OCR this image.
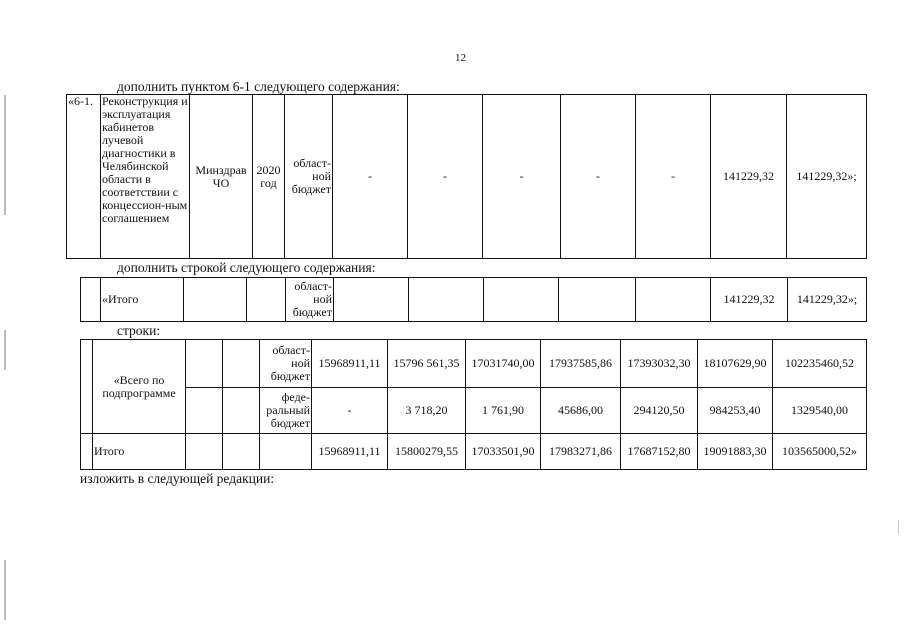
12
дополнить пунктом 6-1 следующего содержания:
«6-1.	Реконструкция и эксплуатация кабинетов лучевой диагностики в Челябинской области в соответствии с концессион-ным соглашением	Минздрав ЧО	2020 год	област-ной бюджет	-	-	-	-	-	141229,32	141229,32»;
дополнить строкой следующего содержания:
	«Итого			област-ной бюджет						141229,32	141229,32»;
строки:
	«Всего по подпрограмме			област-ной бюджет	15968911,11	15796 561,35	17031740,00	17937585,86	17393032,30	18107629,90	102235460,52
				феде-ральный бюджет	-	3 718,20	1 761,90	45686,00	294120,50	984253,40	1329540,00
	Итого				15968911,11	15800279,55	17033501,90	17983271,86	17687152,80	19091883,30	103565000,52»
изложить в следующей редакции:
